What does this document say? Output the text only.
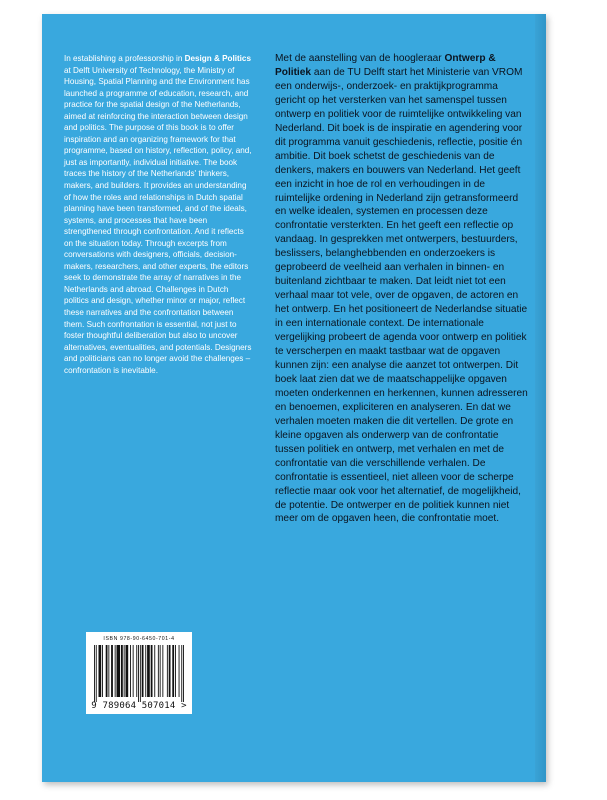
In establishing a professorship in Design & Politics at Delft University of Technology, the Ministry of Housing, Spatial Planning and the Environment has launched a programme of education, research, and practice for the spatial design of the Netherlands, aimed at reinforcing the interaction between design and politics. The purpose of this book is to offer inspiration and an organizing framework for that programme, based on history, reflection, policy, and, just as importantly, individual initiative. The book traces the history of the Netherlands' thinkers, makers, and builders. It provides an understanding of how the roles and relationships in Dutch spatial planning have been transformed, and of the ideals, systems, and processes that have been strengthened through confrontation. And it reflects on the situation today. Through excerpts from conversations with designers, officials, decision-makers, researchers, and other experts, the editors seek to demonstrate the array of narratives in the Netherlands and abroad. Challenges in Dutch politics and design, whether minor or major, reflect these narratives and the confrontation between them. Such confrontation is essential, not just to foster thoughtful deliberation but also to uncover alternatives, eventualities, and potentials. Designers and politicians can no longer avoid the challenges – confrontation is inevitable.
Met de aanstelling van de hoogleraar Ontwerp & Politiek aan de TU Delft start het Ministerie van VROM een onderwijs-, onderzoek- en praktijkprogramma gericht op het versterken van het samenspel tussen ontwerp en politiek voor de ruimtelijke ontwikkeling van Nederland. Dit boek is de inspiratie en agendering voor dit programma vanuit geschiedenis, reflectie, positie én ambitie. Dit boek schetst de geschiedenis van de denkers, makers en bouwers van Nederland. Het geeft een inzicht in hoe de rol en verhoudingen in de ruimtelijke ordening in Nederland zijn getransformeerd en welke idealen, systemen en processen deze confrontatie versterkten. En het geeft een reflectie op vandaag. In gesprekken met ontwerpers, bestuurders, beslissers, belanghebbenden en onderzoekers is geprobeerd de veelheid aan verhalen in binnen- en buitenland zichtbaar te maken. Dat leidt niet tot een verhaal maar tot vele, over de opgaven, de actoren en het ontwerp. En het positioneert de Nederlandse situatie in een internationale context. De internationale vergelijking probeert de agenda voor ontwerp en politiek te verscherpen en maakt tastbaar wat de opgaven kunnen zijn: een analyse die aanzet tot ontwerpen. Dit boek laat zien dat we de maatschappelijke opgaven moeten onderkennen en herkennen, kunnen adresseren en benoemen, expliciteren en analyseren. En dat we verhalen moeten maken die dit vertellen. De grote en kleine opgaven als onderwerp van de confrontatie tussen politiek en ontwerp, met verhalen en met de confrontatie van die verschillende verhalen. De confrontatie is essentieel, niet alleen voor de scherpe reflectie maar ook voor het alternatief, de mogelijkheid, de potentie. De ontwerper en de politiek kunnen niet meer om de opgaven heen, die confrontatie moet.
ISBN 978-90-6450-701-4
9 789064 507014 >
